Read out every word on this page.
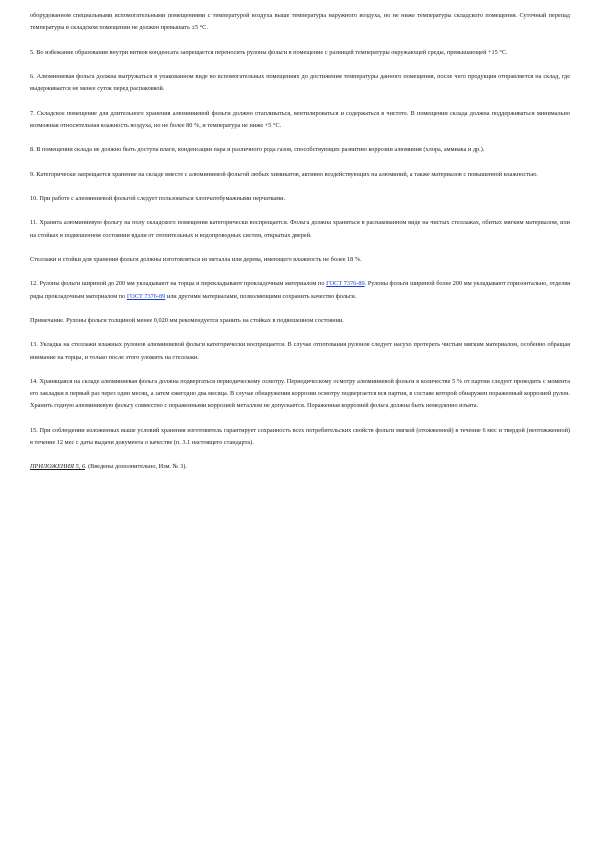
оборудованном специальными вспомогательными помещениями с температурой воздуха выше температуры наружного воздуха, но не ниже температуры складского помещения. Суточный перепад температуры в складском помещении не должен превышать ±5 °С.

5. Во избежание образования внутри витков конденсата запрещается переносить рулоны фольги в помещение с разницей температуры окружающей среды, превышающей +15 °С.

6. Алюминиевая фольга должна выгружаться в упакованном виде во вспомогательных помещениях до достижения температуры данного помещения, после чего продукция отправляется на склад, где выдерживается не менее суток перед распаковкой.

7. Складское помещение для длительного хранения алюминиевой фольги должно отапливаться, вентилироваться и содержаться в чистоте. В помещении склада должна поддерживаться минимально возможная относительная влажность воздуха, но не более 80 %, и температура не ниже +5 °С.

8. В помещении склада не должно быть доступа влаги, конденсации пара и различного рода газов, способствующих развитию коррозии алюминия (хлора, аммиака и др.).

9. Категорически запрещается хранение на складе вместе с алюминиевой фольгой любых химикатов, активно воздействующих на алюминий, а также материалов с повышенной влажностью.

10. При работе с алюминиевой фольгой следует пользоваться хлопчатобумажными перчатками.

11. Хранить алюминиевую фольгу на полу складского помещения категорически воспрещается. Фольга должна храниться в распакованном виде на чистых стеллажах, обитых мягким материалом, или на стойках в подвешенном состоянии вдали от отопительных и водопроводных систем, открытых дверей.

Стеллажи и стойки для хранения фольги должны изготовляться из металла или дерева, имеющего влажность не более 18 %.

12. Рулоны фольги шириной до 200 мм укладывают на торцы и перекладывают прокладочным материалом по ГОСТ 7376-89. Рулоны фольги шириной более 200 мм укладывают горизонтально, отделяя ряды прокладочным материалом по ГОСТ 7376-89 или другими материалами, позволяющими сохранить качество фольги.

Примечание. Рулоны фольги толщиной менее 0,020 мм рекомендуется хранить на стойках в подвешенном состоянии.

13. Укладка на стеллажи влажных рулонов алюминиевой фольги категорически воспрещается. В случае отпотевания рулонов следует насухо протереть чистым мягким материалом, особенно обращая внимание на торцы, и только после этого уложить на стеллажи.

14. Хранящаяся на складе алюминиевая фольга должна подвергаться периодическому осмотру. Периодическому осмотру алюминиевой фольги в количестве 5 % от партии следует проводить с момента его закладки в первый раз через один месяц, а затем ежегодно два месяца. В случае обнаружения коррозии осмотру подвергается вся партия, в составе которой обнаружен пораженный коррозией рулон. Хранить годную алюминиевую фольгу совместно с пораженными коррозией металлом не допускается. Пораженная коррозией фольга должна быть немедленно изъята.

15. При соблюдении изложенных выше условий хранения изготовитель гарантирует сохранность всех потребительских свойств фольги мягкой (отожженной) в течение 6 мес и твердой (неотожженной) в течение 12 мес с даты выдачи документа о качестве (п. 3.1 настоящего стандарта).

ПРИЛОЖЕНИЯ 5, 6. (Введены дополнительно, Изм. № 3).
